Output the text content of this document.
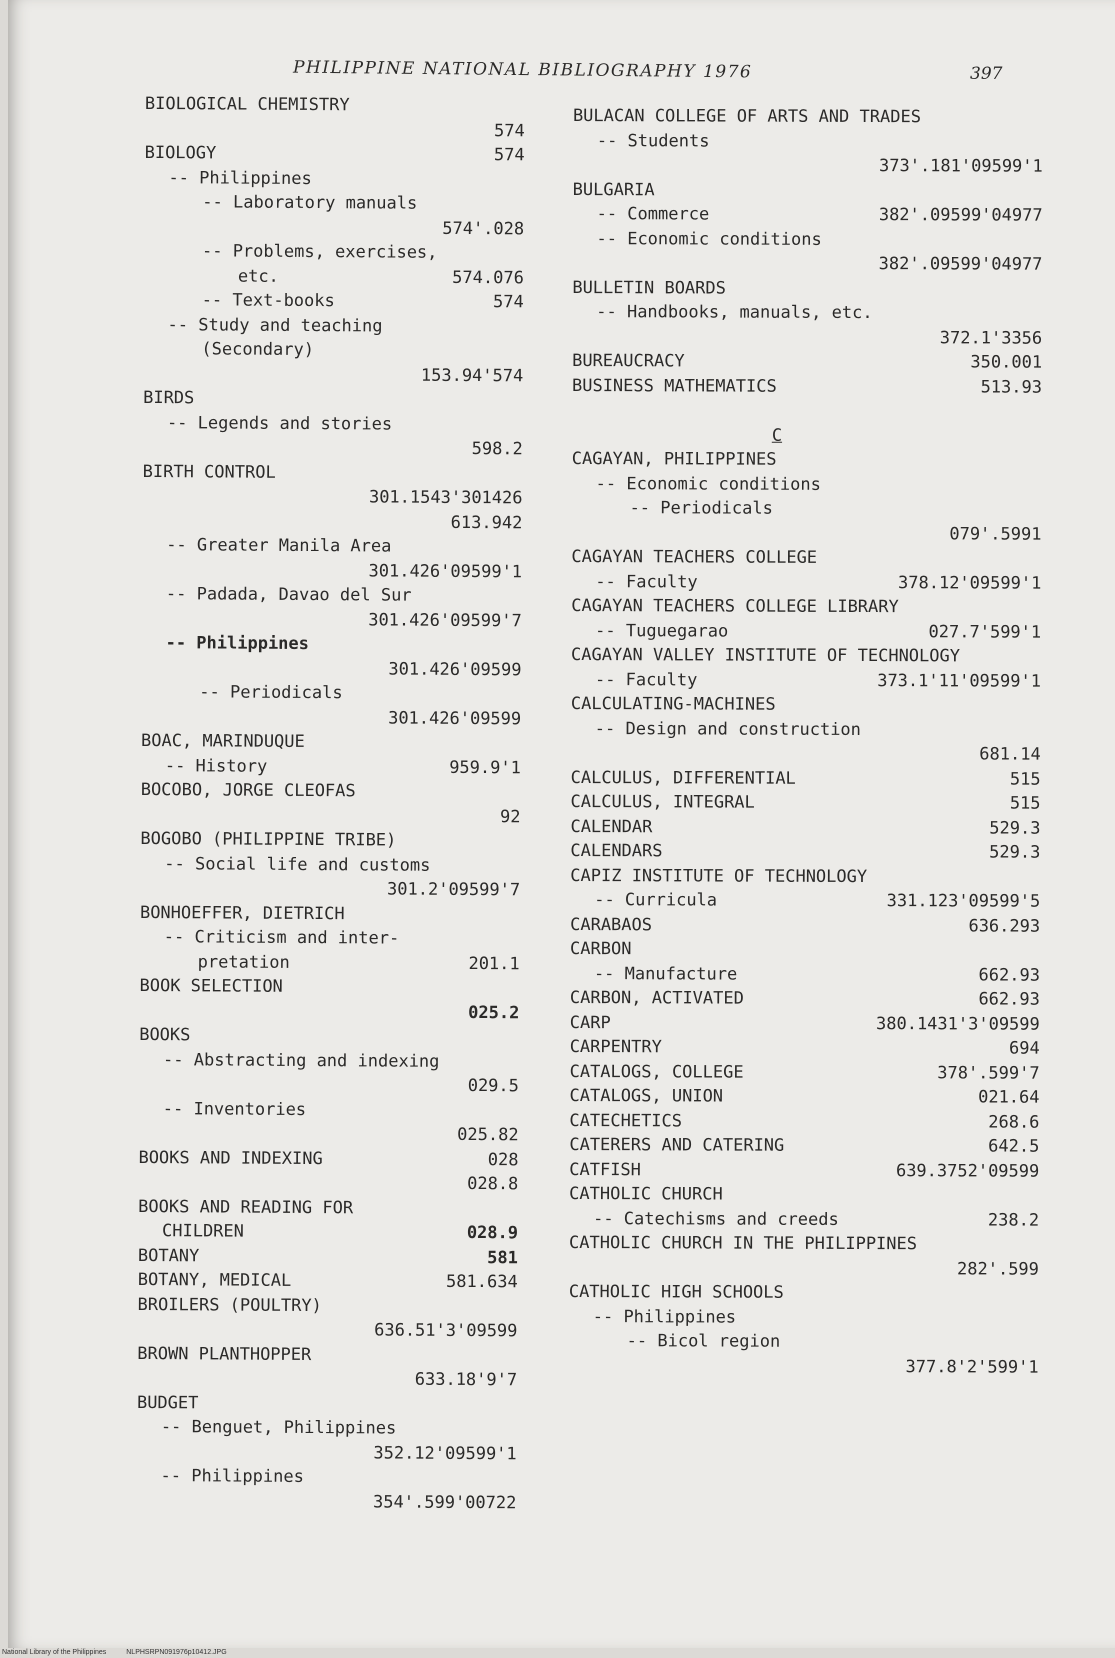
PHILIPPINE NATIONAL BIBLIOGRAPHY 1976	397
BIOLOGICAL CHEMISTRY
574
BIOLOGY	574
-- Philippines
-- Laboratory manuals
574'.028
-- Problems, exercises,
etc.	574.076
-- Text-books	574
-- Study and teaching
(Secondary)
153.94'574
BIRDS
-- Legends and stories
598.2
BIRTH CONTROL
301.1543'301426
613.942
-- Greater Manila Area
301.426'09599'1
-- Padada, Davao del Sur
301.426'09599'7
-- Philippines
301.426'09599
-- Periodicals
301.426'09599
BOAC, MARINDUQUE
-- History	959.9'1
BOCOBO, JORGE CLEOFAS
92
BOGOBO (PHILIPPINE TRIBE)
-- Social life and customs
301.2'09599'7
BONHOEFFER, DIETRICH
-- Criticism and inter-
pretation	201.1
BOOK SELECTION
025.2
BOOKS
-- Abstracting and indexing
029.5
-- Inventories
025.82
BOOKS AND INDEXING	028
028.8
BOOKS AND READING FOR
CHILDREN	028.9
BOTANY	581
BOTANY, MEDICAL	581.634
BROILERS (POULTRY)
636.51'3'09599
BROWN PLANTHOPPER
633.18'9'7
BUDGET
-- Benguet, Philippines
352.12'09599'1
-- Philippines
354'.599'00722
BULACAN COLLEGE OF ARTS AND TRADES
-- Students
373'.181'09599'1
BULGARIA
-- Commerce	382'.09599'04977
-- Economic conditions
382'.09599'04977
BULLETIN BOARDS
-- Handbooks, manuals, etc.
372.1'3356
BUREAUCRACY	350.001
BUSINESS MATHEMATICS	513.93
C
CAGAYAN, PHILIPPINES
-- Economic conditions
-- Periodicals
079'.5991
CAGAYAN TEACHERS COLLEGE
-- Faculty	378.12'09599'1
CAGAYAN TEACHERS COLLEGE LIBRARY
-- Tuguegarao	027.7'599'1
CAGAYAN VALLEY INSTITUTE OF TECHNOLOGY
-- Faculty	373.1'11'09599'1
CALCULATING-MACHINES
-- Design and construction
681.14
CALCULUS, DIFFERENTIAL	515
CALCULUS, INTEGRAL	515
CALENDAR	529.3
CALENDARS	529.3
CAPIZ INSTITUTE OF TECHNOLOGY
-- Curricula	331.123'09599'5
CARABAOS	636.293
CARBON
-- Manufacture	662.93
CARBON, ACTIVATED	662.93
CARP	380.1431'3'09599
CARPENTRY	694
CATALOGS, COLLEGE	378'.599'7
CATALOGS, UNION	021.64
CATECHETICS	268.6
CATERERS AND CATERING	642.5
CATFISH	639.3752'09599
CATHOLIC CHURCH
-- Catechisms and creeds	238.2
CATHOLIC CHURCH IN THE PHILIPPINES
282'.599
CATHOLIC HIGH SCHOOLS
-- Philippines
-- Bicol region
377.8'2'599'1
National Library of the Philippines	NLPHSRPN091976p10412.JPG
